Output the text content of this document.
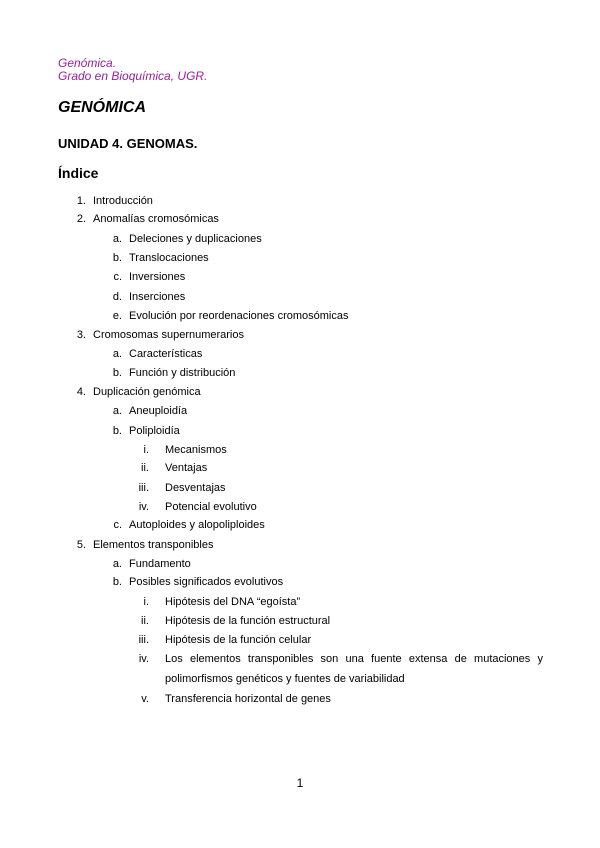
Genómica.
Grado en Bioquímica, UGR.
GENÓMICA
UNIDAD 4. GENOMAS.
Índice
1. Introducción
2. Anomalías cromosómicas
a. Deleciones y duplicaciones
b. Translocaciones
c. Inversiones
d. Inserciones
e. Evolución por reordenaciones cromosómicas
3. Cromosomas supernumerarios
a. Características
b. Función y distribución
4. Duplicación genómica
a. Aneuploidía
b. Poliploidía
i. Mecanismos
ii. Ventajas
iii. Desventajas
iv. Potencial evolutivo
c. Autoploides y alopoliploides
5. Elementos transponibles
a. Fundamento
b. Posibles significados evolutivos
i. Hipótesis del DNA “egoísta”
ii. Hipótesis de la función estructural
iii. Hipótesis de la función celular
iv. Los elementos transponibles son una fuente extensa de mutaciones y
polimorfismos genéticos y fuentes de variabilidad
v. Transferencia horizontal de genes
1
